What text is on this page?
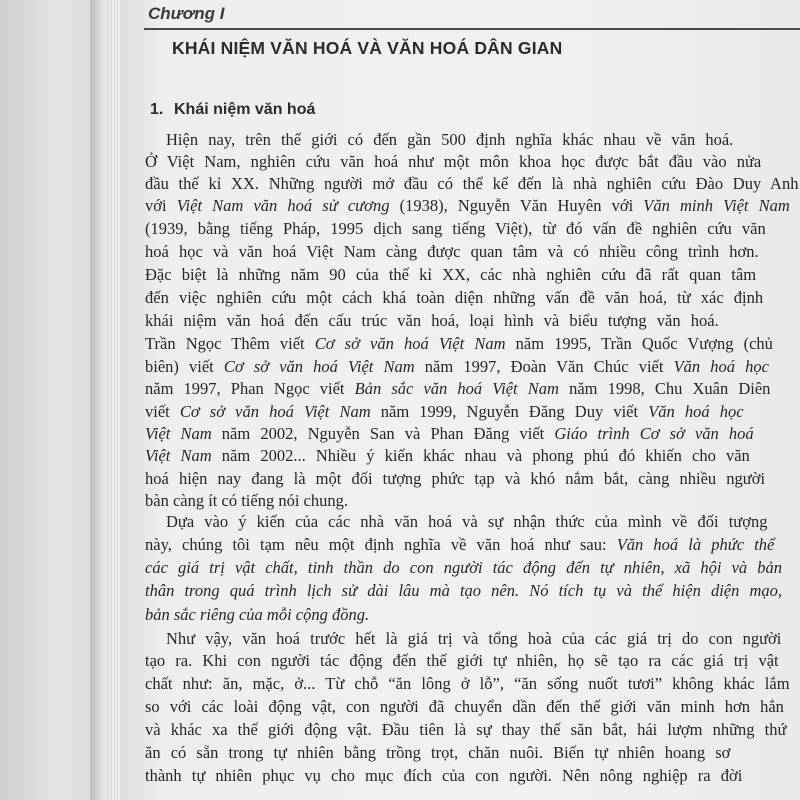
Chương I
KHÁI NIỆM VĂN HOÁ VÀ VĂN HOÁ DÂN GIAN
1. Khái niệm văn hoá
Hiện nay, trên thế giới có đến gần 500 định nghĩa khác nhau về văn hoá.
Ở Việt Nam, nghiên cứu văn hoá như một môn khoa học được bắt đầu vào nửa
đầu thế kỉ XX. Những người mở đầu có thể kể đến là nhà nghiên cứu Đào Duy Anh
với Việt Nam văn hoá sử cương (1938), Nguyễn Văn Huyên với Văn minh Việt Nam
(1939, bằng tiếng Pháp, 1995 dịch sang tiếng Việt), từ đó vấn đề nghiên cứu văn
hoá học và văn hoá Việt Nam càng được quan tâm và có nhiều công trình hơn.
Đặc biệt là những năm 90 của thế kỉ XX, các nhà nghiên cứu đã rất quan tâm
đến việc nghiên cứu một cách khá toàn diện những vấn đề văn hoá, từ xác định
khái niệm văn hoá đến cấu trúc văn hoá, loại hình và biểu tượng văn hoá.
Trần Ngọc Thêm viết Cơ sở văn hoá Việt Nam năm 1995, Trần Quốc Vượng (chủ
biên) viết Cơ sở văn hoá Việt Nam năm 1997, Đoàn Văn Chúc viết Văn hoá học
năm 1997, Phan Ngọc viết Bản sắc văn hoá Việt Nam năm 1998, Chu Xuân Diên
viết Cơ sở văn hoá Việt Nam năm 1999, Nguyễn Đăng Duy viết Văn hoá học
Việt Nam năm 2002, Nguyễn San và Phan Đăng viết Giáo trình Cơ sở văn hoá
Việt Nam năm 2002... Nhiều ý kiến khác nhau và phong phú đó khiến cho văn
hoá hiện nay đang là một đối tượng phức tạp và khó nắm bắt, càng nhiều người
bàn càng ít có tiếng nói chung.
Dựa vào ý kiến của các nhà văn hoá và sự nhận thức của mình về đối tượng
này, chúng tôi tạm nêu một định nghĩa về văn hoá như sau: Văn hoá là phức thể
các giá trị vật chất, tinh thần do con người tác động đến tự nhiên, xã hội và bản
thân trong quá trình lịch sử dài lâu mà tạo nên. Nó tích tụ và thể hiện diện mạo,
bản sắc riêng của mỗi cộng đồng.
Như vậy, văn hoá trước hết là giá trị và tổng hoà của các giá trị do con người
tạo ra. Khi con người tác động đến thế giới tự nhiên, họ sẽ tạo ra các giá trị vật
chất như: ăn, mặc, ở... Từ chỗ “ăn lông ở lỗ”, “ăn sống nuốt tươi” không khác lắm
so với các loài động vật, con người đã chuyển dần đến thế giới văn minh hơn hẳn
và khác xa thế giới động vật. Đầu tiên là sự thay thế săn bắt, hái lượm những thứ
ăn có sẵn trong tự nhiên bằng trồng trọt, chăn nuôi. Biến tự nhiên hoang sơ
thành tự nhiên phục vụ cho mục đích của con người. Nên nông nghiệp ra đời
